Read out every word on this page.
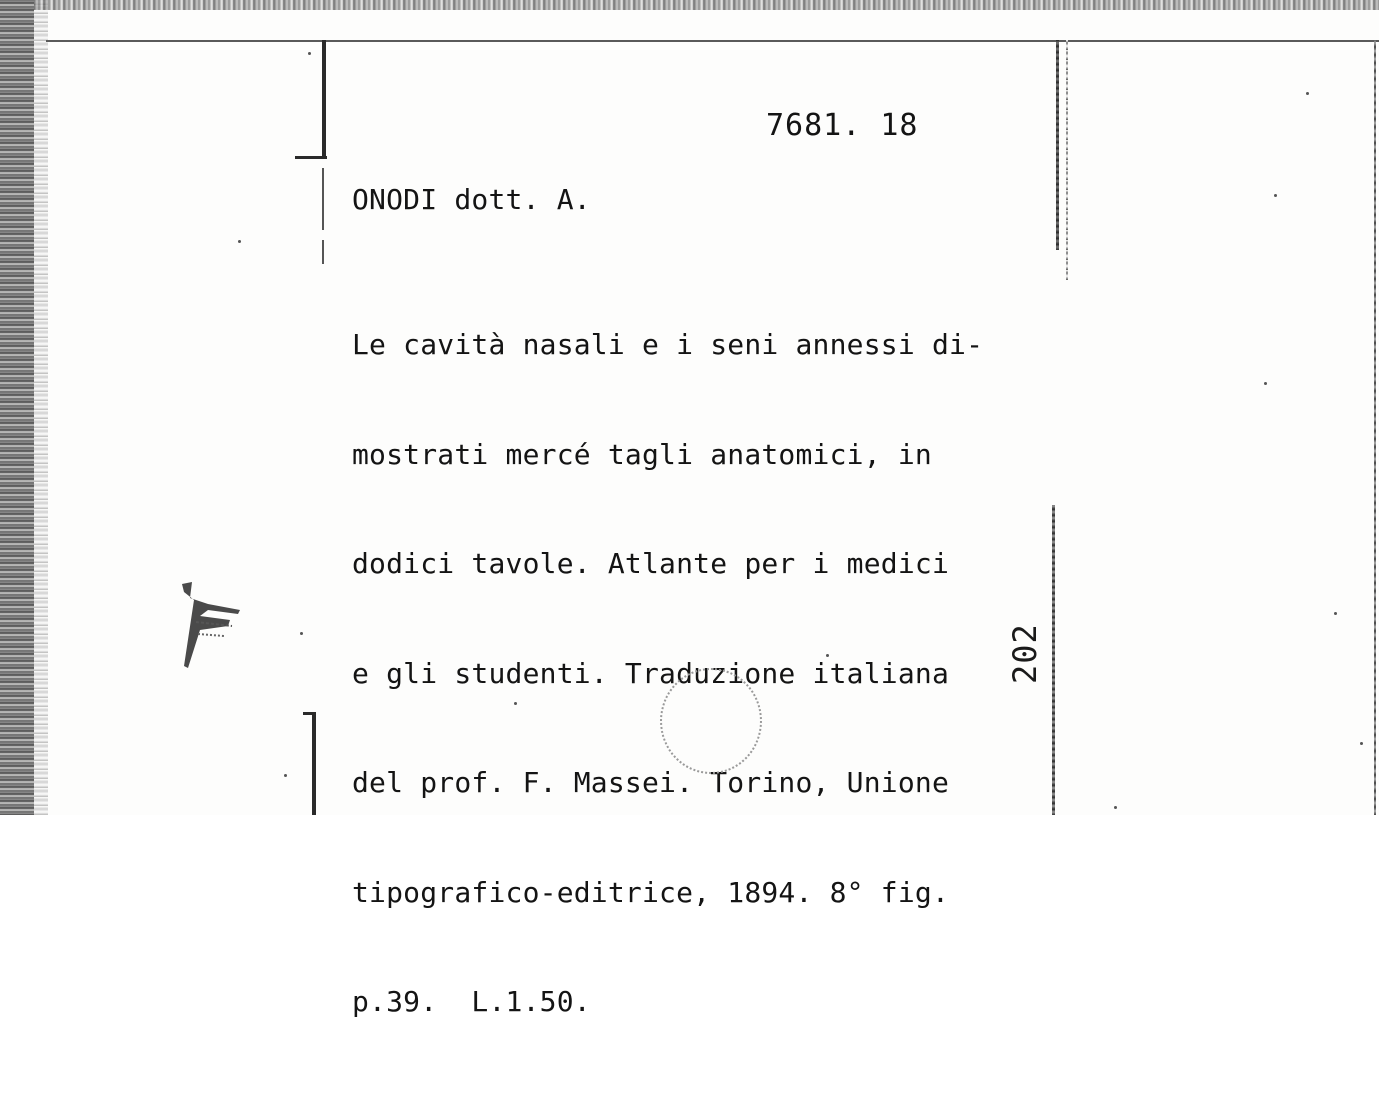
7681. 18
ONODI dott. A.

Le cavità nasali e i seni annessi di-

mostrati mercé tagli anatomici, in

dodici tavole. Atlante per i medici

e gli studenti. Traduzione italiana

del prof. F. Massei. Torino, Unione

tipografico-editrice, 1894. 8° fig.

p.39.  L.1.50.

202
